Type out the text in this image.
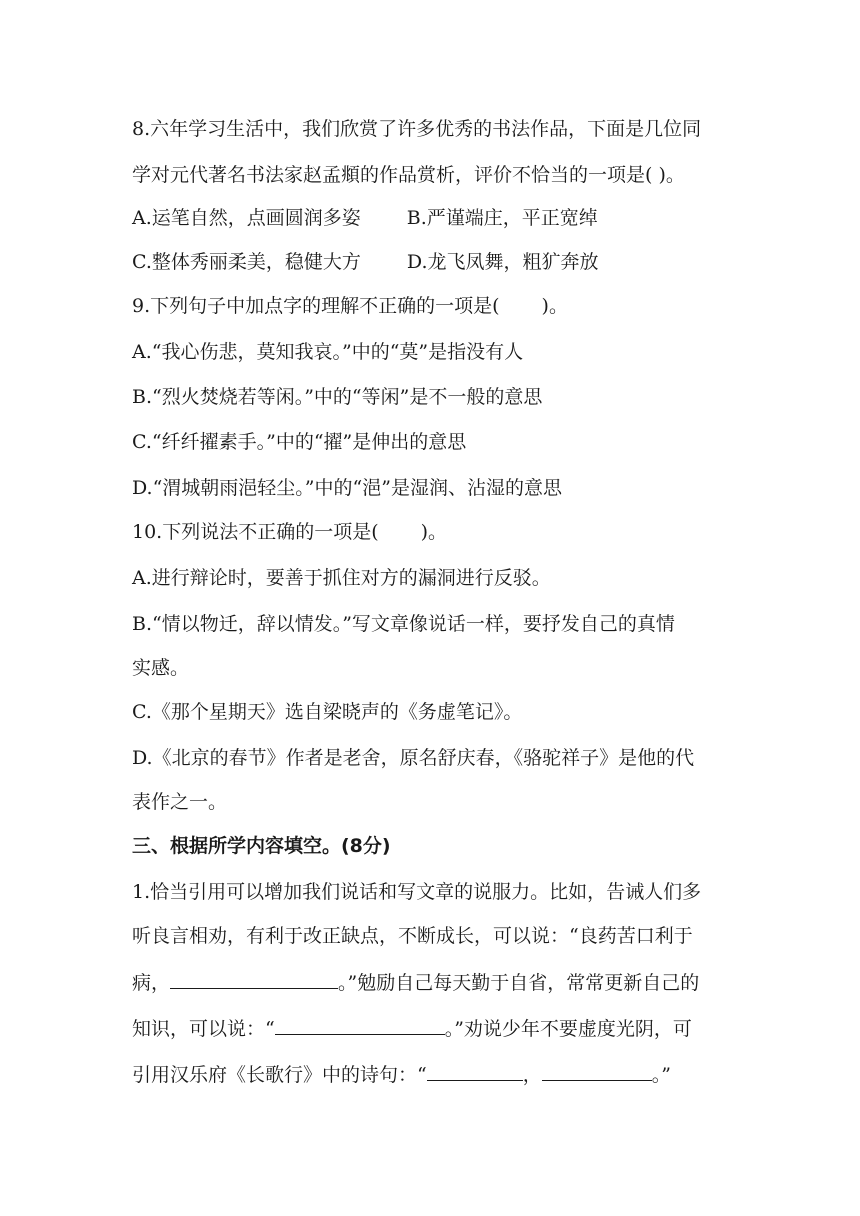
8.六年学习生活中，我们欣赏了许多优秀的书法作品，下面是几位同
学对元代著名书法家赵孟頫的作品赏析，评价不恰当的一项是( )。
A.运笔自然，点画圆润多姿 B.严谨端庄，平正宽绰
C.整体秀丽柔美，稳健大方 D.龙飞凤舞，粗犷奔放
9.下列句子中加点字的理解不正确的一项是( )。
A.“我心伤悲，莫知我哀。”中的“莫”是指没有人
B.“烈火焚烧若等闲。”中的“等闲”是不一般的意思
C.“纤纤擢素手。”中的“擢”是伸出的意思
D.“渭城朝雨浥轻尘。”中的“浥”是湿润、沾湿的意思
10.下列说法不正确的一项是( )。
A.进行辩论时，要善于抓住对方的漏洞进行反驳。
B.“情以物迁，辞以情发。”写文章像说话一样，要抒发自己的真情
实感。
C.《那个星期天》选自梁晓声的《务虚笔记》。
D.《北京的春节》作者是老舍，原名舒庆春，《骆驼祥子》是他的代
表作之一。
三、根据所学内容填空。(8分)
1.恰当引用可以增加我们说话和写文章的说服力。比如，告诫人们多
听良言相劝，有利于改正缺点，不断成长，可以说：“良药苦口利于
病，	。”勉励自己每天勤于自省，常常更新自己的
知识，可以说：“	。”劝说少年不要虚度光阴，可
引用汉乐府《长歌行》中的诗句：“	，	。”
